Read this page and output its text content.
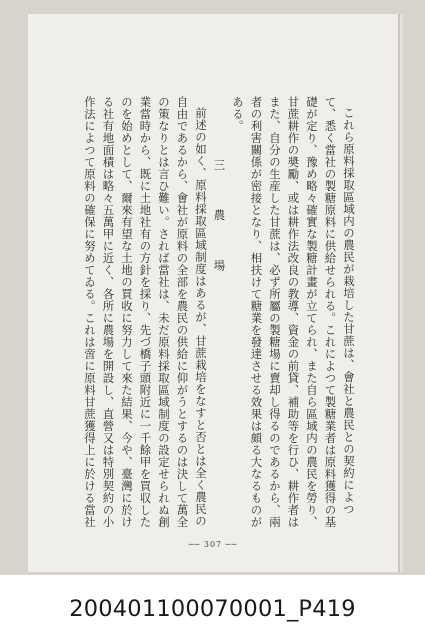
これら原料採取區域内の農民が栽培した甘蔗は、會社と農民との契約によつて、悉く當社の製糖原料に供給せられる。これによつて製糖業者は原料獲得の基礎が定り、豫め略々確實な製糖計畫が立てられ、また自ら區域内の農民を勞り、甘蔗耕作の奬勵、或は耕作法改良の教導、資金の前貸、補助等を行ひ、耕作者はまた、自分の生産した甘蔗は、必ず所屬の製糖場に賣却し得るのであるから、兩者の利害關係が密接となり、相扶けて糖業を發達させる效果は頗る大なるものがある。

三　農　場

前述の如く、原料採取區域制度はあるが、甘蔗栽培をなすと否とは全く農民の自由であるから、會社が原料の全部を農民の供給に仰がうとするのは決して萬全の策なりとは言ひ難い。されば當社は、未だ原料採取區域制度の設定せられぬ創業當時から、既に土地社有の方針を採り、先づ橋子頭附近に一千餘甲を買収したのを始めとして、爾來有望な土地の買收に努力して來た結果、今や、臺灣に於ける社有地面積は略々五萬甲に近く、各所に農場を開設し、直營又は特別契約の小作法によつて原料の確保に努めてゐる。これは啻に原料甘蔗獲得上に於ける當社

── 307 ──
200401100070001_P419
